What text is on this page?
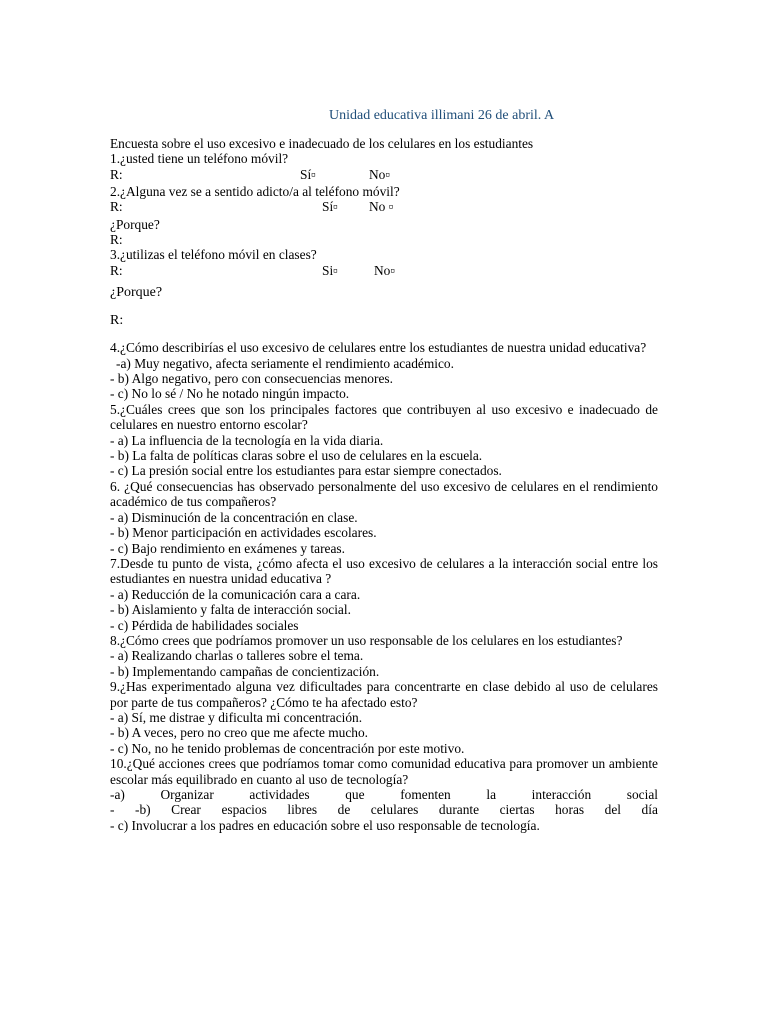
Unidad educativa illimani 26 de abril. A
Encuesta sobre el uso excesivo e inadecuado de los celulares en los estudiantes
1.¿usted tiene un teléfono móvil?
R:	Sí▫	No▫
2.¿Alguna vez se a sentido adicto/a al teléfono móvil?
R:	Sí▫ No ▫
¿Porque?
R:
3.¿utilizas el teléfono móvil en clases?
R:	Si▫	No▫
¿Porque?
R:
4.¿Cómo describirías el uso excesivo de celulares entre los estudiantes de nuestra unidad educativa?
-a) Muy negativo, afecta seriamente el rendimiento académico.
- b) Algo negativo, pero con consecuencias menores.
- c) No lo sé / No he notado ningún impacto.
5.¿Cuáles crees que son los principales factores que contribuyen al uso excesivo e inadecuado de celulares en nuestro entorno escolar?
- a) La influencia de la tecnología en la vida diaria.
- b) La falta de políticas claras sobre el uso de celulares en la escuela.
- c) La presión social entre los estudiantes para estar siempre conectados.
6. ¿Qué consecuencias has observado personalmente del uso excesivo de celulares en el rendimiento académico de tus compañeros?
- a) Disminución de la concentración en clase.
- b) Menor participación en actividades escolares.
- c) Bajo rendimiento en exámenes y tareas.
7.Desde tu punto de vista, ¿cómo afecta el uso excesivo de celulares a la interacción social entre los estudiantes en nuestra unidad educativa ?
- a) Reducción de la comunicación cara a cara.
- b) Aislamiento y falta de interacción social.
- c) Pérdida de habilidades sociales
8.¿Cómo crees que podríamos promover un uso responsable de los celulares en los estudiantes?
- a) Realizando charlas o talleres sobre el tema.
- b) Implementando campañas de concientización.
9.¿Has experimentado alguna vez dificultades para concentrarte en clase debido al uso de celulares por parte de tus compañeros? ¿Cómo te ha afectado esto?
- a) Sí, me distrae y dificulta mi concentración.
- b) A veces, pero no creo que me afecte mucho.
- c) No, no he tenido problemas de concentración por este motivo.
10.¿Qué acciones crees que podríamos tomar como comunidad educativa para promover un ambiente escolar más equilibrado en cuanto al uso de tecnología?
-a)	Organizar	actividades	que	fomenten	la	interacción	social
- -b) Crear espacios libres de celulares durante ciertas horas del día
- c) Involucrar a los padres en educación sobre el uso responsable de tecnología.
